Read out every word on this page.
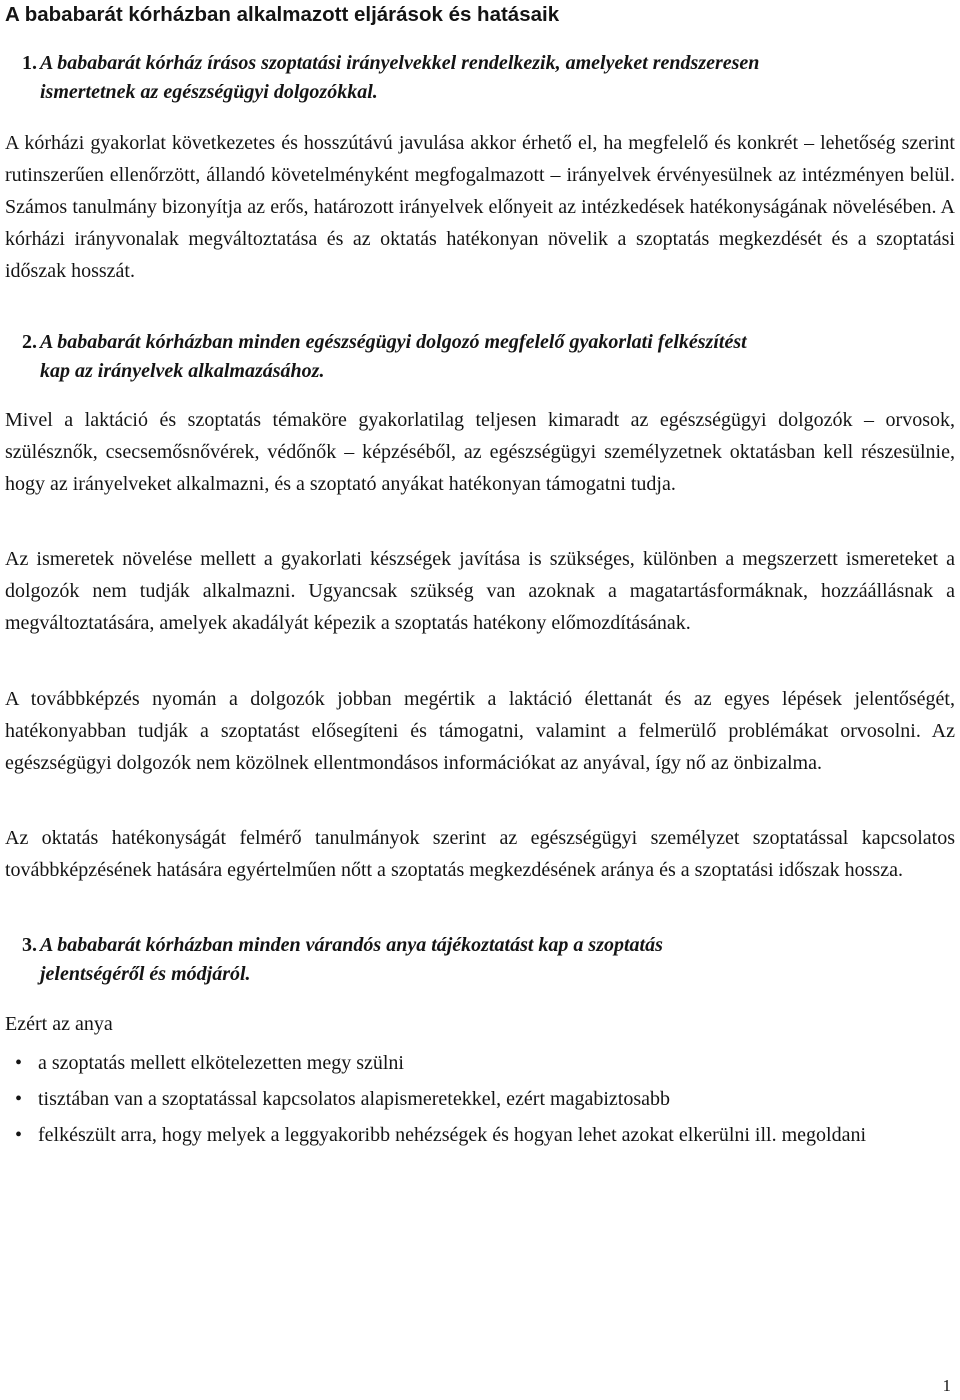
A bababarát kórházban alkalmazott eljárások és hatásaik

1. A bababarát kórház írásos szoptatási irányelvekkel rendelkezik, amelyeket rendszeresen
ismertetnek az egészségügyi dolgozókkal.

A kórházi gyakorlat következetes és hosszútávú javulása akkor érhető el, ha megfelelő és konkrét – lehetőség szerint rutinszerűen ellenőrzött, állandó követelményként megfogalmazott – irányelvek érvényesülnek az intézményen belül. Számos tanulmány bizonyítja az erős, határozott irányelvek előnyeit az intézkedések hatékonyságának növelésében. A kórházi irányvonalak megváltoztatása és az oktatás hatékonyan növelik a szoptatás megkezdését és a szoptatási időszak hosszát.

2. A bababarát kórházban minden egészségügyi dolgozó megfelelő gyakorlati felkészítést
kap az irányelvek alkalmazásához.

Mivel a laktáció és szoptatás témaköre gyakorlatilag teljesen kimaradt az egészségügyi dolgozók – orvosok, szülésznők, csecsemősnővérek, védőnők – képzéséből, az egészségügyi személyzetnek oktatásban kell részesülnie, hogy az irányelveket alkalmazni, és a szoptató anyákat hatékonyan támogatni tudja.

Az ismeretek növelése mellett a gyakorlati készségek javítása is szükséges, különben a megszerzett ismereteket a dolgozók nem tudják alkalmazni. Ugyancsak szükség van azoknak a magatartásformáknak, hozzáállásnak a megváltoztatására, amelyek akadályát képezik a szoptatás hatékony előmozdításának.

A továbbképzés nyomán a dolgozók jobban megértik a laktáció élettanát és az egyes lépések jelentőségét, hatékonyabban tudják a szoptatást elősegíteni és támogatni, valamint a felmerülő problémákat orvosolni. Az egészségügyi dolgozók nem közölnek ellentmondásos információkat az anyával, így nő az önbizalma.

Az oktatás hatékonyságát felmérő tanulmányok szerint az egészségügyi személyzet szoptatással kapcsolatos továbbképzésének hatására egyértelműen nőtt a szoptatás megkezdésének aránya és a szoptatási időszak hossza.

3. A bababarát kórházban minden várandós anya tájékoztatást kap a szoptatás
jelentségéről és módjáról.

Ezért az anya

• a szoptatás mellett elkötelezetten megy szülni
• tisztában van a szoptatással kapcsolatos alapismeretekkel, ezért magabiztosabb
• felkészült arra, hogy melyek a leggyakoribb nehézségek és hogyan lehet azokat elkerülni ill. megoldani
1
